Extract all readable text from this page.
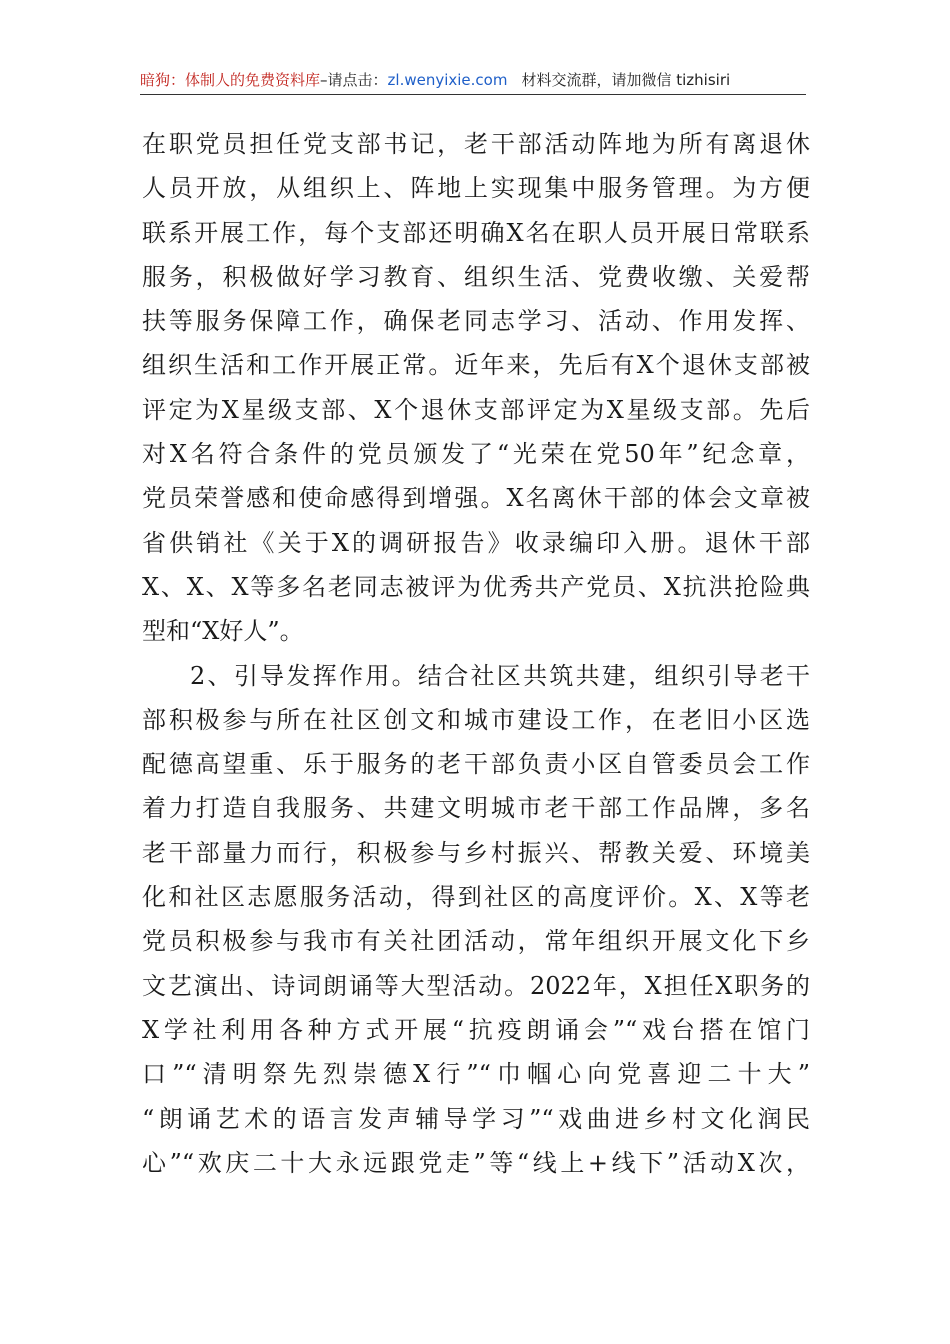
暗狗：体制人的免费资料库–请点击：zl.wenyixie.com 材料交流群，请加微信 tizhisiri
在职党员担任党支部书记，老干部活动阵地为所有离退休
人员开放，从组织上、阵地上实现集中服务管理。为方便
联系开展工作，每个支部还明确X名在职人员开展日常联系
服务，积极做好学习教育、组织生活、党费收缴、关爱帮
扶等服务保障工作，确保老同志学习、活动、作用发挥、
组织生活和工作开展正常。近年来，先后有X个退休支部被
评定为X星级支部、X个退休支部评定为X星级支部。先后
对X名符合条件的党员颁发了“光荣在党50年”纪念章，
党员荣誉感和使命感得到增强。X名离休干部的体会文章被
省供销社《关于X的调研报告》收录编印入册。退休干部
X、X、X等多名老同志被评为优秀共产党员、X抗洪抢险典
型和“X好人”。
2、引导发挥作用。结合社区共筑共建，组织引导老干
部积极参与所在社区创文和城市建设工作，在老旧小区选
配德高望重、乐于服务的老干部负责小区自管委员会工作
着力打造自我服务、共建文明城市老干部工作品牌，多名
老干部量力而行，积极参与乡村振兴、帮教关爱、环境美
化和社区志愿服务活动，得到社区的高度评价。X、X等老
党员积极参与我市有关社团活动，常年组织开展文化下乡
文艺演出、诗词朗诵等大型活动。2022年，X担任X职务的
X学社利用各种方式开展“抗疫朗诵会”“戏台搭在馆门
口”“清明祭先烈崇德X行”“巾帼心向党喜迎二十大”
“朗诵艺术的语言发声辅导学习”“戏曲进乡村文化润民
心”“欢庆二十大永远跟党走”等“线上+线下”活动X次，
